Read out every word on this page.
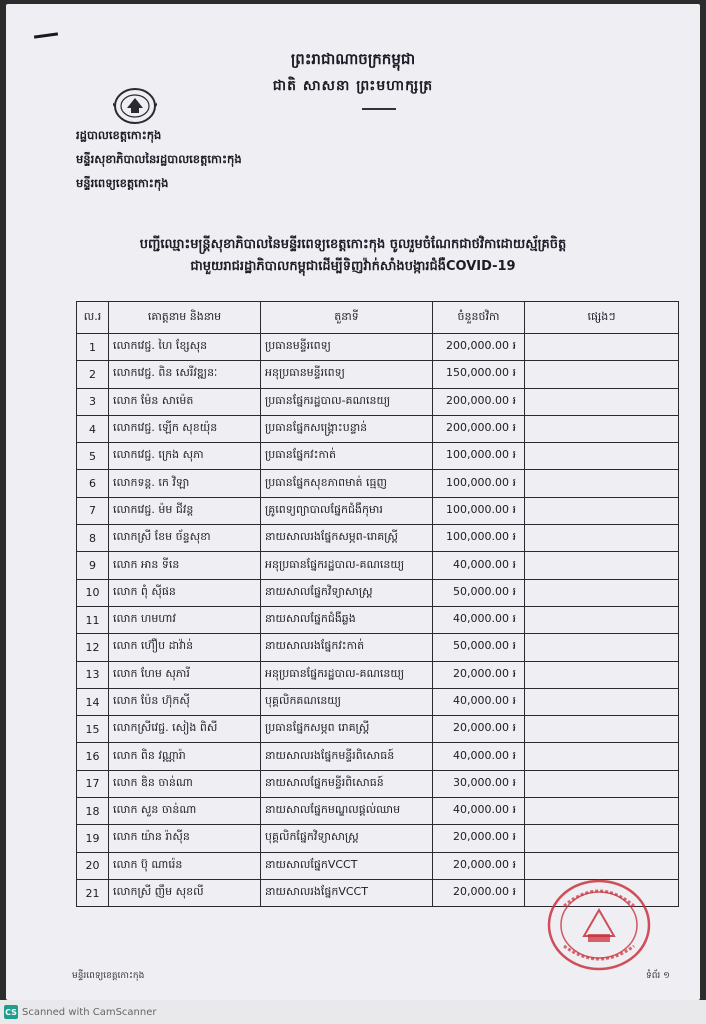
ព្រះរាជាណាចក្រកម្ពុជា
ជាតិ សាសនា ព្រះមហាក្សត្រ
រដ្ឋបាលខេត្តកោះកុង
មន្ទីរសុខាភិបាលនៃរដ្ឋបាលខេត្តកោះកុង
មន្ទីរពេទ្យខេត្តកោះកុង
បញ្ជីឈ្មោះមន្ត្រីសុខាភិបាលនៃមន្ទីរពេទ្យខេត្តកោះកុង ចូលរួមចំណែកជាថវិកាដោយស្ម័គ្រចិត្ត
ជាមួយរាជរដ្ឋាភិបាលកម្ពុជាដើម្បីទិញវ៉ាក់សាំងបង្ការជំងឺCOVID-19
ល.រ	គោត្តនាម និងនាម	តួនាទី	ចំនួនថវិកា	ផ្សេងៗ
1	លោកវេជ្ជ. ហៃ ខ្សែសុន	ប្រធានមន្ទីរពេទ្យ	200,000.00 ៛	
2	លោកវេជ្ជ. ពិន សេរីវឌ្ឍនៈ	អនុប្រធានមន្ទីរពេទ្យ	150,000.00 ៛	
3	លោក ម៉ែន សាម៉េត	ប្រធានផ្នែករដ្ឋបាល-គណនេយ្យ	200,000.00 ៛	
4	លោកវេជ្ជ. ឡើក សុខយ៉ុន	ប្រធានផ្នែកសង្គ្រោះបន្ទាន់	200,000.00 ៛	
5	លោកវេជ្ជ. ក្រេង សុភា	ប្រធានផ្នែកវះកាត់	100,000.00 ៛	
6	លោកទន្ត. កេ វិឡា	ប្រធានផ្នែកសុខភាពមាត់ ធ្មេញ	100,000.00 ៛	
7	លោកវេជ្ជ. ម៉ម ជីវន្ត	គ្រូពេទ្យព្យាបាលផ្នែកជំងឺកុមារ	100,000.00 ៛	
8	លោកស្រី ខែម ច័ន្ទសុខា	នាយសាលរងផ្នែកសម្ភព-រោគស្ត្រី	100,000.00 ៛	
9	លោក អាន ទីនេ	អនុប្រធានផ្នែករដ្ឋបាល-គណនេយ្យ	40,000.00 ៛	
10	លោក ពុំ ស៊ីផន	នាយសាលផ្នែកវិទ្យាសាស្ត្រ	50,000.00 ៛	
11	លោក ហមហាវ	នាយសាលផ្នែកជំងឺឆ្លង	40,000.00 ៛	
12	លោក ហ៊ឿប ដាវ៉ាន់	នាយសាលរងផ្នែកវះកាត់	50,000.00 ៛	
13	លោក ហែម សុភារី	អនុប្រធានផ្នែករដ្ឋបាល-គណនេយ្យ	20,000.00 ៛	
14	លោក ប៉ែន ហ៊ុកស៊ី	បុគ្គលិកគណនេយ្យ	40,000.00 ៛	
15	លោកស្រីវេជ្ជ. សៀង ពិសី	ប្រធានផ្នែកសម្ភព រោគស្ត្រី	20,000.00 ៛	
16	លោក ពិន វណ្ណារ៉ា	នាយសាលរងផ្នែកមន្ទីរពិសោធន៍	40,000.00 ៛	
17	លោក ឌិន ចាន់ណា	នាយសាលផ្នែកមន្ទីរពិសោធន៍	30,000.00 ៛	
18	លោក សួន ចាន់ណា	នាយសាលផ្នែកមណ្ឌលផ្តល់ឈាម	40,000.00 ៛	
19	លោក យ៉ាន រ៉ាស៊ីន	បុគ្គលិកផ្នែកវិទ្យាសាស្ត្រ	20,000.00 ៛	
20	លោក ប៊ុ ណារ៉េន	នាយសាលផ្នែកVCCT	20,000.00 ៛	
21	លោកស្រី ញឹម សុខលី	នាយសាលរងផ្នែកVCCT	20,000.00 ៛	
មន្ទីរពេទ្យខេត្តកោះកុង	ទំព័រ ១
CS Scanned with CamScanner
